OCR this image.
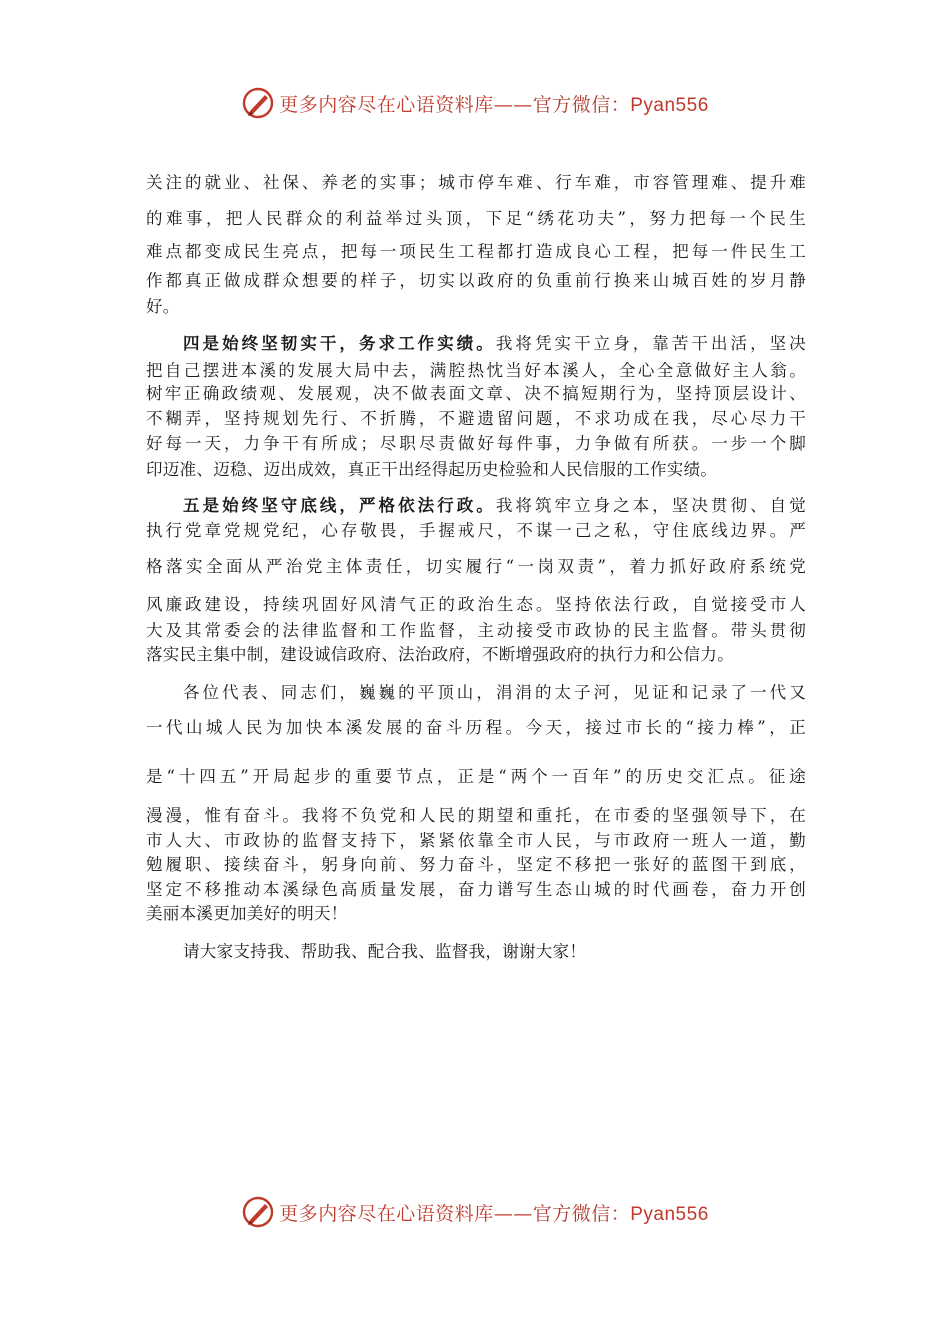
更多内容尽在心语资料库——官方微信：Pyan556
关注的就业、社保、养老的实事；城市停车难、行车难，市容管理难、提升难
的难事，把人民群众的利益举过头顶，下足“绣花功夫”，努力把每一个民生
难点都变成民生亮点，把每一项民生工程都打造成良心工程，把每一件民生工
作都真正做成群众想要的样子，切实以政府的负重前行换来山城百姓的岁月静
好。
四是始终坚韧实干，务求工作实绩。我将凭实干立身，靠苦干出活，坚决
把自己摆进本溪的发展大局中去，满腔热忱当好本溪人，全心全意做好主人翁。
树牢正确政绩观、发展观，决不做表面文章、决不搞短期行为，坚持顶层设计、
不糊弄，坚持规划先行、不折腾，不避遗留问题，不求功成在我，尽心尽力干
好每一天，力争干有所成；尽职尽责做好每件事，力争做有所获。一步一个脚
印迈准、迈稳、迈出成效，真正干出经得起历史检验和人民信服的工作实绩。
五是始终坚守底线，严格依法行政。我将筑牢立身之本，坚决贯彻、自觉
执行党章党规党纪，心存敬畏，手握戒尺，不谋一己之私，守住底线边界。严
格落实全面从严治党主体责任，切实履行“一岗双责”，着力抓好政府系统党
风廉政建设，持续巩固好风清气正的政治生态。坚持依法行政，自觉接受市人
大及其常委会的法律监督和工作监督，主动接受市政协的民主监督。带头贯彻
落实民主集中制，建设诚信政府、法治政府，不断增强政府的执行力和公信力。
各位代表、同志们，巍巍的平顶山，涓涓的太子河，见证和记录了一代又
一代山城人民为加快本溪发展的奋斗历程。今天，接过市长的“接力棒”，正
是“十四五”开局起步的重要节点，正是“两个一百年”的历史交汇点。征途
漫漫，惟有奋斗。我将不负党和人民的期望和重托，在市委的坚强领导下，在
市人大、市政协的监督支持下，紧紧依靠全市人民，与市政府一班人一道，勤
勉履职、接续奋斗，躬身向前、努力奋斗，坚定不移把一张好的蓝图干到底，
坚定不移推动本溪绿色高质量发展，奋力谱写生态山城的时代画卷，奋力开创
美丽本溪更加美好的明天！
请大家支持我、帮助我、配合我、监督我，谢谢大家！
更多内容尽在心语资料库——官方微信：Pyan556
